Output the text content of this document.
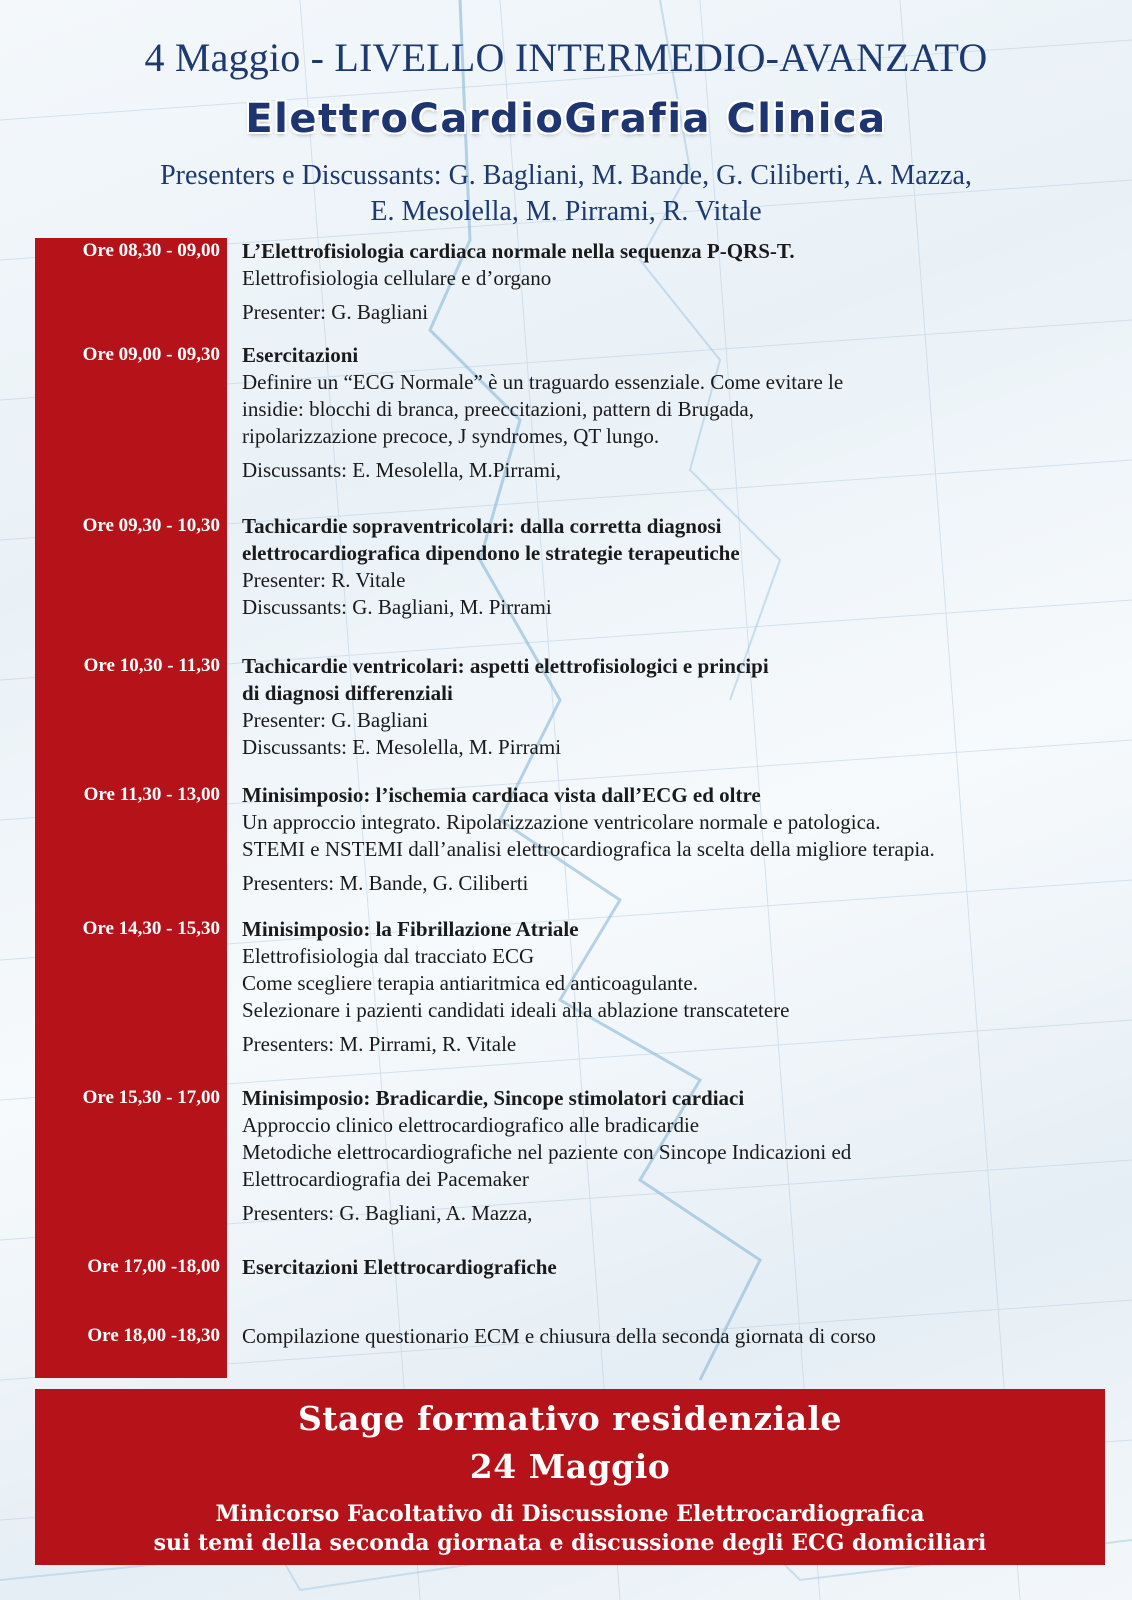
4 Maggio - LIVELLO INTERMEDIO-AVANZATO
ElettroCardioGrafia Clinica
Presenters e Discussants: G. Bagliani, M. Bande, G. Ciliberti, A. Mazza,
E. Mesolella, M. Pirrami, R. Vitale
Ore 08,30 - 09,00	L’Elettrofisiologia cardiaca normale nella sequenza P-QRS-T.
Elettrofisiologia cellulare e d’organo
Presenter: G. Bagliani
Ore 09,00 - 09,30	Esercitazioni
Definire un “ECG Normale” è un traguardo essenziale. Come evitare le
insidie: blocchi di branca, preeccitazioni, pattern di Brugada,
ripolarizzazione precoce, J syndromes, QT lungo.
Discussants: E. Mesolella, M.Pirrami,
Ore 09,30 - 10,30	Tachicardie sopraventricolari: dalla corretta diagnosi
elettrocardiografica dipendono le strategie terapeutiche
Presenter: R. Vitale
Discussants: G. Bagliani, M. Pirrami
Ore 10,30 - 11,30	Tachicardie ventricolari: aspetti elettrofisiologici e principi
di diagnosi differenziali
Presenter: G. Bagliani
Discussants: E. Mesolella, M. Pirrami
Ore 11,30 - 13,00	Minisimposio: l’ischemia cardiaca vista dall’ECG ed oltre
Un approccio integrato. Ripolarizzazione ventricolare normale e patologica.
STEMI e NSTEMI dall’analisi elettrocardiografica la scelta della migliore terapia.
Presenters: M. Bande, G. Ciliberti
Ore 14,30 - 15,30	Minisimposio: la Fibrillazione Atriale
Elettrofisiologia dal tracciato ECG
Come scegliere terapia antiaritmica ed anticoagulante.
Selezionare i pazienti candidati ideali alla ablazione transcatetere
Presenters: M. Pirrami, R. Vitale
Ore 15,30 - 17,00	Minisimposio: Bradicardie, Sincope stimolatori cardiaci
Approccio clinico elettrocardiografico alle bradicardie
Metodiche elettrocardiografiche nel paziente con Sincope Indicazioni ed
Elettrocardiografia dei Pacemaker
Presenters: G. Bagliani, A. Mazza,
Ore 17,00 -18,00	Esercitazioni Elettrocardiografiche
Ore 18,00 -18,30	Compilazione questionario ECM e chiusura della seconda giornata di corso
Stage formativo residenziale
24 Maggio
Minicorso Facoltativo di Discussione Elettrocardiografica
sui temi della seconda giornata e discussione degli ECG domiciliari
